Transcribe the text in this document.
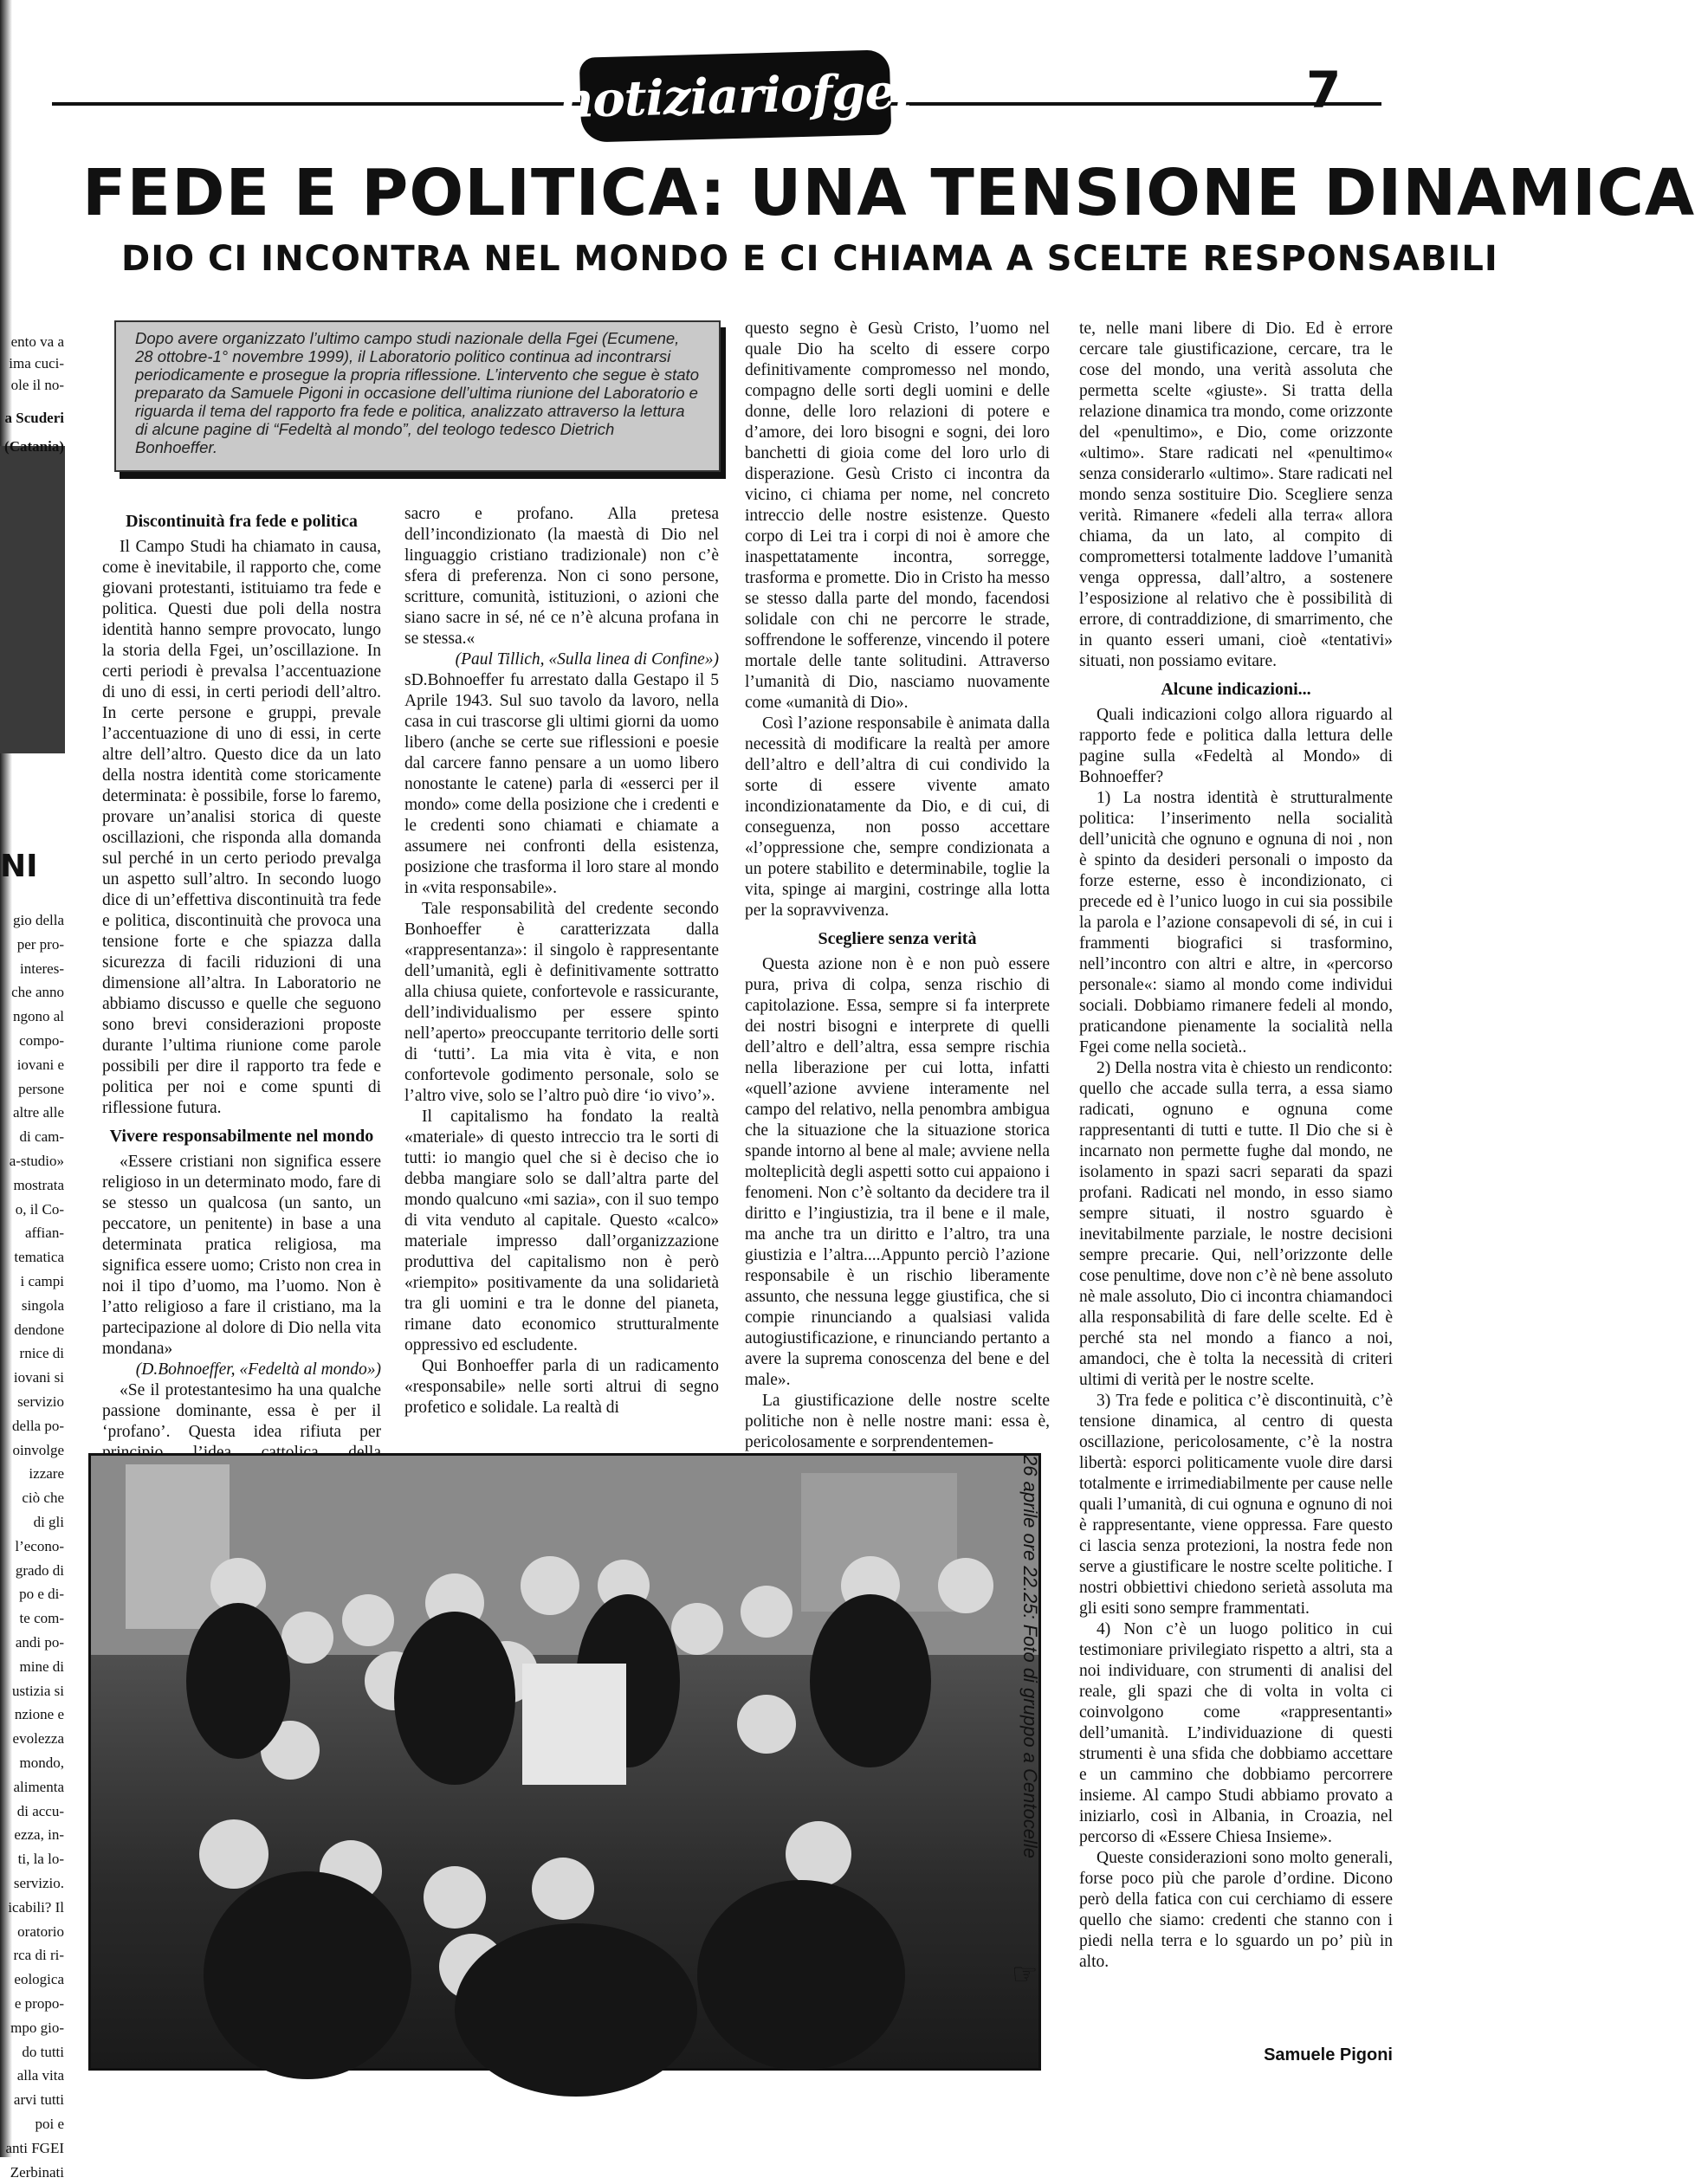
notiziariofgei	7
FEDE E POLITICA: UNA TENSIONE DINAMICA
DIO CI INCONTRA NEL MONDO E CI CHIAMA A SCELTE RESPONSABILI
ento va a
ima cuci-
ole il no-
a Scuderi
(Catania)
gio della
per pro-
interes-
che anno
ngono al
compo-
iovani e
persone
altre alle
di cam-
a-studio»
mostrata
o, il Co-
affian-
tematica
i campi
singola
dendone
rnice di
iovani si
servizio
della po-
oinvolge
izzare
ciò che
di gli
l’econo-
grado di
po e di-
te com-
andi po-
mine di
ustizia si
nzione e
evolezza
mondo,
alimenta
di accu-
ezza, in-
ti, la lo-
servizio.
icabili? Il
oratorio
rca di ri-
eologica
e propo-
mpo gio-
do tutti
alla vita
arvi tutti
poi e
anti FGEI
Zerbinati
NI
Dopo avere organizzato l’ultimo campo studi nazionale della Fgei (Ecumene, 28 ottobre-1° novembre 1999), il Laboratorio politico continua ad incontrarsi periodicamente e prosegue la propria riflessione. L’intervento che segue è stato preparato da Samuele Pigoni in occasione dell’ultima riunione del Laboratorio e riguarda il tema del rapporto fra fede e politica, analizzato attraverso la lettura di alcune pagine di “Fedeltà al mondo”, del teologo tedesco Dietrich Bonhoeffer.
Discontinuità fra fede e politica

Il Campo Studi ha chiamato in causa, come è inevitabile, il rapporto che, come giovani protestanti, istituiamo tra fede e politica. Questi due poli della nostra identità hanno sempre provocato, lungo la storia della Fgei, un’oscillazione. In certi periodi è prevalsa l’accentuazione di uno di essi, in certi periodi dell’altro. In certe persone e gruppi, prevale l’accentuazione di uno di essi, in certe altre dell’altro. Questo dice da un lato della nostra identità come storicamente determinata: è possibile, forse lo faremo, provare un’analisi storica di queste oscillazioni, che risponda alla domanda sul perché in un certo periodo prevalga un aspetto sull’altro. In secondo luogo dice di un’effettiva discontinuità tra fede e politica, discontinuità che provoca una tensione forte e che spiazza dalla sicurezza di facili riduzioni di una dimensione all’altra. In Laboratorio ne abbiamo discusso e quelle che seguono sono brevi considerazioni proposte durante l’ultima riunione come parole possibili per dire il rapporto tra fede e politica per noi e come spunti di riflessione futura.

Vivere responsabilmente nel mondo

«Essere cristiani non significa essere religioso in un determinato modo, fare di se stesso un qualcosa (un santo, un peccatore, un penitente) in base a una determinata pratica religiosa, ma significa essere uomo; Cristo non crea in noi il tipo d’uomo, ma l’uomo. Non è l’atto religioso a fare il cristiano, ma la partecipazione al dolore di Dio nella vita mondana»

(D.Bohnoeffer, «Fedeltà al mondo»)

«Se il protestantesimo ha una qualche passione dominante, essa è per il ‘profano’. Questa idea rifiuta per

sacro e profano. Alla pretesa dell’incondizionato (la maestà di Dio nel linguaggio cristiano tradizionale) non c’è sfera di preferenza. Non ci sono persone, scritture, comunità, istituzioni, o azioni che siano sacre in sé, né ce n’è alcuna profana in se stessa.«

(Paul Tillich, «Sulla linea di Confine»)

sD.Bohnoeffer fu arrestato dalla Gestapo il 5 Aprile 1943. Sul suo tavolo da lavoro, nella casa in cui trascorse gli ultimi giorni da uomo libero (anche se certe sue riflessioni e poesie dal carcere fanno pensare a un uomo libero nonostante le catene) parla di «esserci per il mondo» come della posizione che i credenti e le credenti sono chiamati e chiamate a assumere nei confronti della esistenza, posizione che trasforma il loro stare al mondo in «vita responsabile».

Tale responsabilità del credente secondo Bonhoeffer è caratterizzata dalla «rappresentanza»: il singolo è rappresentante dell’umanità, egli è definitivamente sottratto alla chiusa quiete, confortevole e rassicurante, dell’individualismo per essere spinto nell’aperto» preoccupante territorio delle sorti di ‘tutti’. La mia vita è vita, e non confortevole godimento personale, solo se l’altro vive, solo se l’altro può dire ‘io vivo’».

Il capitalismo ha fondato la realtà «materiale» di questo intreccio tra le sorti di tutti: io mangio quel che si è deciso che io debba mangiare solo se dall’altra parte del mondo qualcuno «mi sazia», con il suo tempo di vita venduto al capitale. Questo «calco» materiale impresso dall’organizzazione produttiva del capitalismo non è però «riempito» positivamente da una solidarietà tra gli uomini e tra le donne del pianeta, rimane dato economico strutturalmente oppressivo ed escludente.

Qui Bonhoeffer parla di un radicamento «responsabile» nelle sorti altrui di segno profetico e solidale. La realtà di

questo segno è Gesù Cristo, l’uomo nel quale Dio ha scelto di essere corpo definitivamente compromesso nel mondo, compagno delle sorti degli uomini e delle donne, delle loro relazioni di potere e d’amore, dei loro bisogni e sogni, dei loro banchetti di gioia come del loro urlo di disperazione. Gesù Cristo ci incontra da vicino, ci chiama per nome, nel concreto intreccio delle nostre esistenze. Questo corpo di Lei tra i corpi di noi è amore che inaspettatamente incontra, sorregge, trasforma e promette. Dio in Cristo ha messo se stesso dalla parte del mondo, facendosi solidale con chi ne percorre le strade, soffrendone le sofferenze, vincendo il potere mortale delle tante solitudini. Attraverso l’umanità di Dio, nasciamo nuovamente come «umanità di Dio».

Così l’azione responsabile è animata dalla necessità di modificare la realtà per amore dell’altro e dell’altra di cui condivido la sorte di essere vivente amato incondizionatamente da Dio, e di cui, di conseguenza, non posso accettare «l’oppressione che, sempre condizionata a un potere stabilito e determinabile, toglie la vita, spinge ai margini, costringe alla lotta per la sopravvivenza.

Scegliere senza verità

Questa azione non è e non può essere pura, priva di colpa, senza rischio di capitolazione. Essa, sempre si fa interprete dei nostri bisogni e interprete di quelli dell’altro e dell’altra, essa sempre rischia nella liberazione per cui lotta, infatti «quell’azione avviene interamente nel campo del relativo, nella penombra ambigua che la situazione che la situazione storica spande intorno al bene al male; avviene nella molteplicità degli aspetti sotto cui appaiono i fenomeni. Non c’è soltanto da decidere tra il diritto e l’ingiustizia, tra il bene e il male, ma anche tra un diritto e l’altro, tra una giustizia e l’altra....Appunto perciò l’azione responsabile è un rischio liberamente assunto, che nessuna legge giustifica, che si compie rinunciando a qualsiasi valida autogiustificazione, e rinunciando pertanto a avere la suprema conoscenza del bene e del male».

La giustificazione delle nostre scelte politiche non è nelle nostre mani: essa è, pericolosamente e sorprendentemen-

te, nelle mani libere di Dio. Ed è errore cercare tale giustificazione, cercare, tra le cose del mondo, una verità assoluta che permetta scelte «giuste». Si tratta della relazione dinamica tra mondo, come orizzonte del «penultimo», e Dio, come orizzonte «ultimo». Stare radicati nel «penultimo« senza considerarlo «ultimo». Stare radicati nel mondo senza sostituire Dio. Scegliere senza verità. Rimanere «fedeli alla terra« allora chiama, da un lato, al compito di compromettersi totalmente laddove l’umanità venga oppressa, dall’altro, a sostenere l’esposizione al relativo che è possibilità di errore, di contraddizione, di smarrimento, che in quanto esseri umani, cioè «tentativi» situati, non possiamo evitare.

Alcune indicazioni...

Quali indicazioni colgo allora riguardo al rapporto fede e politica dalla lettura delle pagine sulla «Fedeltà al Mondo» di Bohnoeffer?

1) La nostra identità è strutturalmente politica: l’inserimento nella socialità dell’unicità che ognuno e ognuna di noi , non è spinto da desideri personali o imposto da forze esterne, esso è incondizionato, ci precede ed è l’unico luogo in cui sia possibile la parola e l’azione consapevoli di sé, in cui i frammenti biografici si trasformino, nell’incontro con altri e altre, in «percorso personale«: siamo al mondo come individui sociali. Dobbiamo rimanere fedeli al mondo, praticandone pienamente la socialità nella Fgei come nella società..

2) Della nostra vita è chiesto un rendiconto: quello che accade sulla terra, a essa siamo radicati, ognuno e ognuna come rappresentanti di tutti e tutte. Il Dio che si è incarnato non permette fughe dal mondo, ne isolamento in spazi sacri separati da spazi profani. Radicati nel mondo, in esso siamo sempre situati, il nostro sguardo è inevitabilmente parziale, le nostre decisioni sempre precarie. Qui, nell’orizzonte delle cose penultime, dove non c’è nè bene assoluto nè male assoluto, Dio ci incontra chiamandoci alla responsabilità di fare delle scelte. Ed è perché sta nel mondo a fianco a noi, amandoci, che è tolta la necessità di criteri ultimi di verità per le nostre scelte.

3) Tra fede e politica c’è discontinuità, c’è tensione dinamica, al centro di questa oscillazione, pericolosamente, c’è la nostra libertà: esporci politicamente vuole dire darsi totalmente e irrimediabilmente per cause nelle quali l’umanità, di cui ognuna e ognuno di noi è rappresentante, viene oppressa. Fare questo ci lascia senza protezioni, la nostra fede non serve a giustificare le nostre scelte politiche. I nostri obbiettivi chiedono serietà assoluta ma gli esiti sono sempre frammentati.

4) Non c’è un luogo politico in cui testimoniare privilegiato rispetto a altri, sta a noi individuare, con strumenti di analisi del reale, gli spazi che di volta in volta ci coinvolgono come «rappresentanti» dell’umanità. L’individuazione di questi strumenti è una sfida che dobbiamo accettare e un cammino che dobbiamo percorrere insieme. Al campo Studi abbiamo provato a iniziarlo, così in Albania, in Croazia, nel percorso di «Essere Chiesa Insieme».

Queste considerazioni sono molto generali, forse poco più che parole d’ordine. Dicono però della fatica con cui cerchiamo di essere quello che siamo: credenti che stanno con i piedi nella terra e lo sguardo un po’ più in alto.

Samuele Pigoni
26 aprile ore 22.25: Foto di gruppo a Centocelle
☞
